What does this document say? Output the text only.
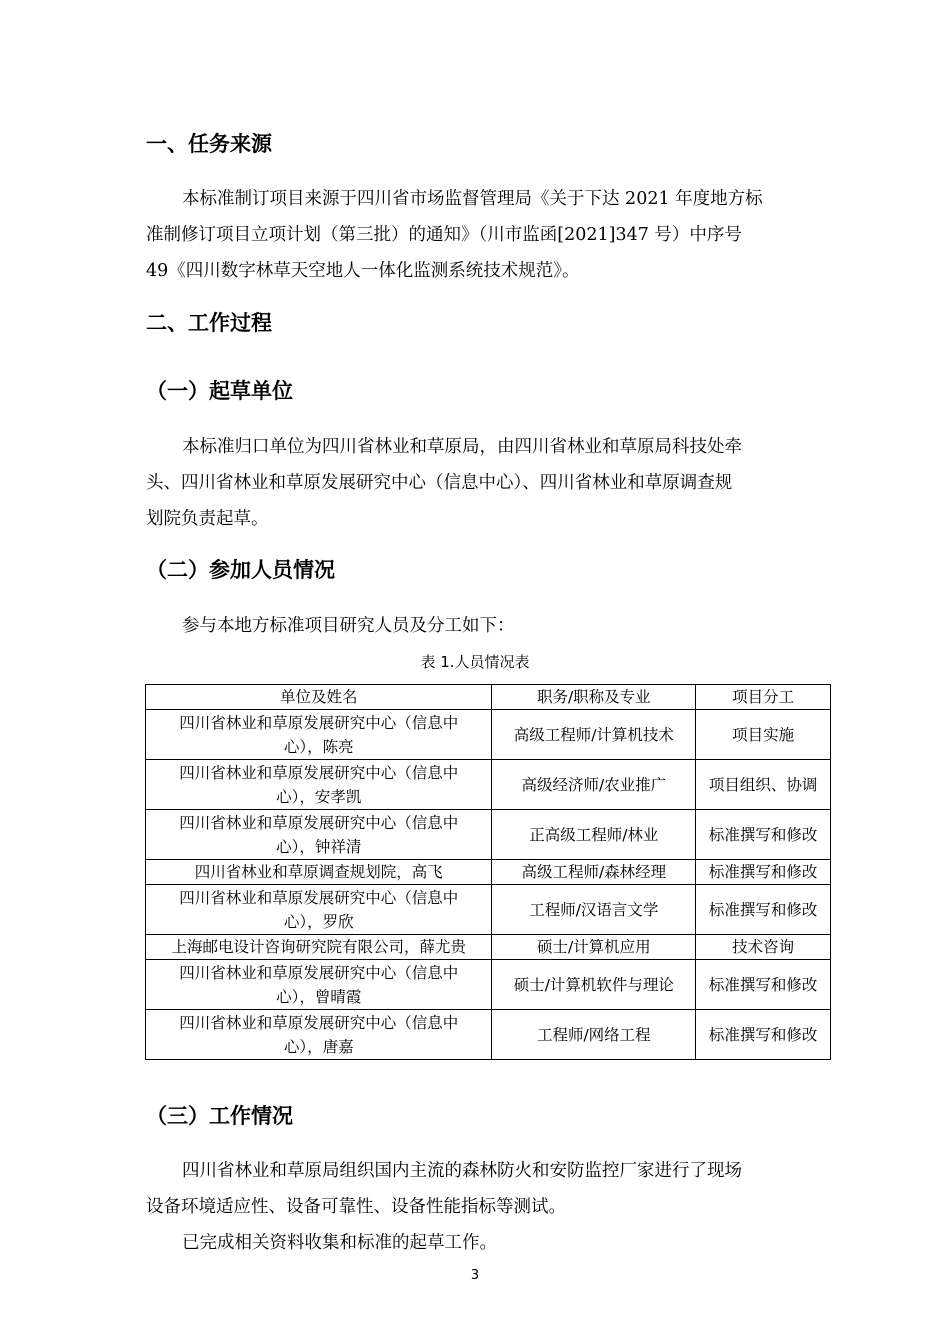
一、任务来源
本标准制订项目来源于四川省市场监督管理局《关于下达 2021 年度地方标
准制修订项目立项计划（第三批）的通知》（川市监函[2021]347 号）中序号
49《四川数字林草天空地人一体化监测系统技术规范》。
二、工作过程
（一）起草单位
本标准归口单位为四川省林业和草原局，由四川省林业和草原局科技处牵
头、四川省林业和草原发展研究中心（信息中心）、四川省林业和草原调查规
划院负责起草。
（二）参加人员情况
参与本地方标准项目研究人员及分工如下：
表 1.人员情况表
单位及姓名	职务/职称及专业	项目分工

四川省林业和草原发展研究中心（信息中
心），陈亮	高级工程师/计算机技术	项目实施

四川省林业和草原发展研究中心（信息中
心），安孝凯	高级经济师/农业推广	项目组织、协调

四川省林业和草原发展研究中心（信息中
心），钟祥清	正高级工程师/林业	标准撰写和修改

四川省林业和草原调查规划院，高飞	高级工程师/森林经理	标准撰写和修改

四川省林业和草原发展研究中心（信息中
心），罗欣	工程师/汉语言文学	标准撰写和修改

上海邮电设计咨询研究院有限公司，薛尤贵	硕士/计算机应用	技术咨询

四川省林业和草原发展研究中心（信息中
心），曾晴霞	硕士/计算机软件与理论	标准撰写和修改

四川省林业和草原发展研究中心（信息中
心），唐嘉	工程师/网络工程	标准撰写和修改
（三）工作情况
四川省林业和草原局组织国内主流的森林防火和安防监控厂家进行了现场
设备环境适应性、设备可靠性、设备性能指标等测试。
已完成相关资料收集和标准的起草工作。
3
